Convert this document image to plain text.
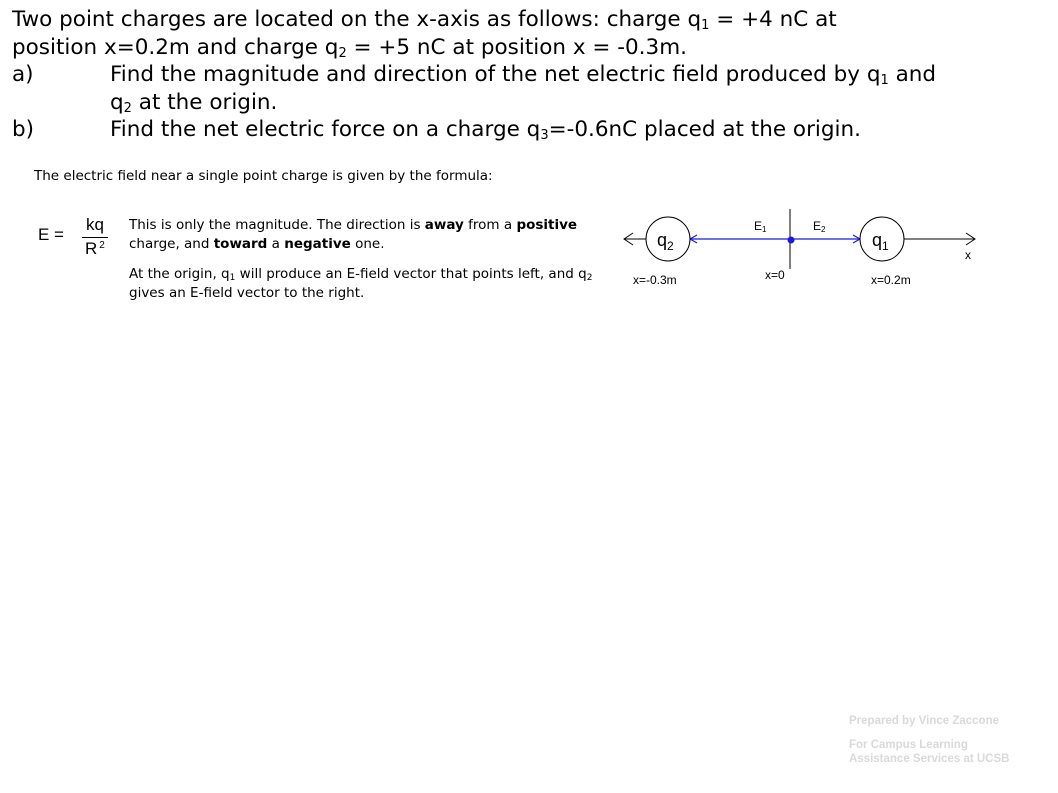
Two point charges are located on the x-axis as follows: charge $q_1 = +4$ nC at
position x=0.2m and charge $q_2 = +5$ nC at position x = -0.3m.
a)	Find the magnitude and direction of the net electric field produced by $q_1$ and
$q_2$ at the origin.
b)	Find the net electric force on a charge $q_3=-0.6nC$ placed at the origin.
The electric field near a single point charge is given by the formula:
E =
kq
R $^2$

This is only the magnitude. The direction is away from a positive charge, and toward a negative one.

At the origin, $q_1$ will produce an E-field vector that points left, and $q_2$ gives an E-field vector to the right.

$q_2$	$q_1$
E1	E2
x
x=0
x=-0.3m	x=0.2m
Prepared by Vince Zaccone
For Campus Learning
Assistance Services at UCSB
